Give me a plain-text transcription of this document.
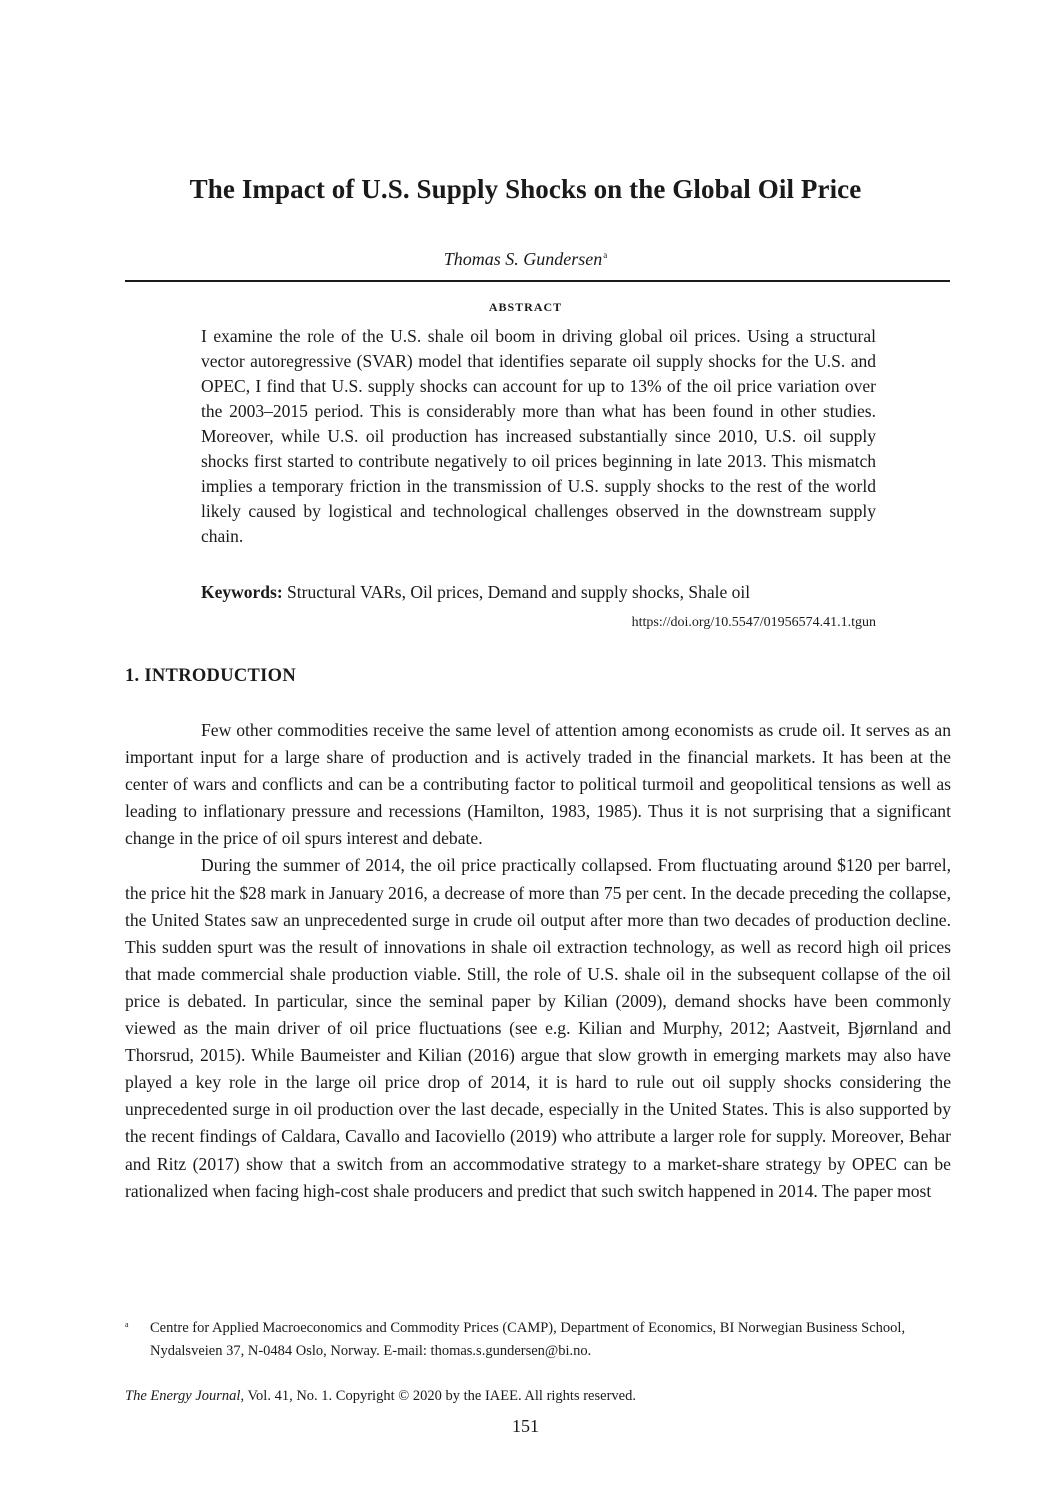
The Impact of U.S. Supply Shocks on the Global Oil Price
Thomas S. Gundersen$^a$
ABSTRACT

I examine the role of the U.S. shale oil boom in driving global oil prices. Using a structural vector autoregressive (SVAR) model that identifies separate oil supply shocks for the U.S. and OPEC, I find that U.S. supply shocks can account for up to 13% of the oil price variation over the 2003–2015 period. This is considerably more than what has been found in other studies. Moreover, while U.S. oil production has increased substantially since 2010, U.S. oil supply shocks first started to contribute negatively to oil prices beginning in late 2013. This mismatch implies a temporary friction in the transmission of U.S. supply shocks to the rest of the world likely caused by logistical and technological challenges observed in the downstream supply chain.

Keywords: Structural VARs, Oil prices, Demand and supply shocks, Shale oil

https://doi.org/10.5547/01956574.41.1.tgun
1. INTRODUCTION

Few other commodities receive the same level of attention among economists as crude oil. It serves as an important input for a large share of production and is actively traded in the financial markets. It has been at the center of wars and conflicts and can be a contributing factor to political turmoil and geopolitical tensions as well as leading to inflationary pressure and recessions (Hamilton, 1983, 1985). Thus it is not surprising that a significant change in the price of oil spurs interest and debate.

During the summer of 2014, the oil price practically collapsed. From fluctuating around $120 per barrel, the price hit the $28 mark in January 2016, a decrease of more than 75 per cent. In the decade preceding the collapse, the United States saw an unprecedented surge in crude oil output after more than two decades of production decline. This sudden spurt was the result of innovations in shale oil extraction technology, as well as record high oil prices that made commercial shale production viable. Still, the role of U.S. shale oil in the subsequent collapse of the oil price is debated. In particular, since the seminal paper by Kilian (2009), demand shocks have been commonly viewed as the main driver of oil price fluctuations (see e.g. Kilian and Murphy, 2012; Aastveit, Bjørnland and Thorsrud, 2015). While Baumeister and Kilian (2016) argue that slow growth in emerging markets may also have played a key role in the large oil price drop of 2014, it is hard to rule out oil supply shocks considering the unprecedented surge in oil production over the last decade, especially in the United States. This is also supported by the recent findings of Caldara, Cavallo and Iacoviello (2019) who attribute a larger role for supply. Moreover, Behar and Ritz (2017) show that a switch from an accommodative strategy to a market-share strategy by OPEC can be rationalized when facing high-cost shale producers and predict that such switch happened in 2014. The paper most

a Centre for Applied Macroeconomics and Commodity Prices (CAMP), Department of Economics, BI Norwegian Business School, Nydalsveien 37, N-0484 Oslo, Norway. E-mail: thomas.s.gundersen@bi.no.
The Energy Journal, Vol. 41, No. 1. Copyright © 2020 by the IAEE. All rights reserved.
151
